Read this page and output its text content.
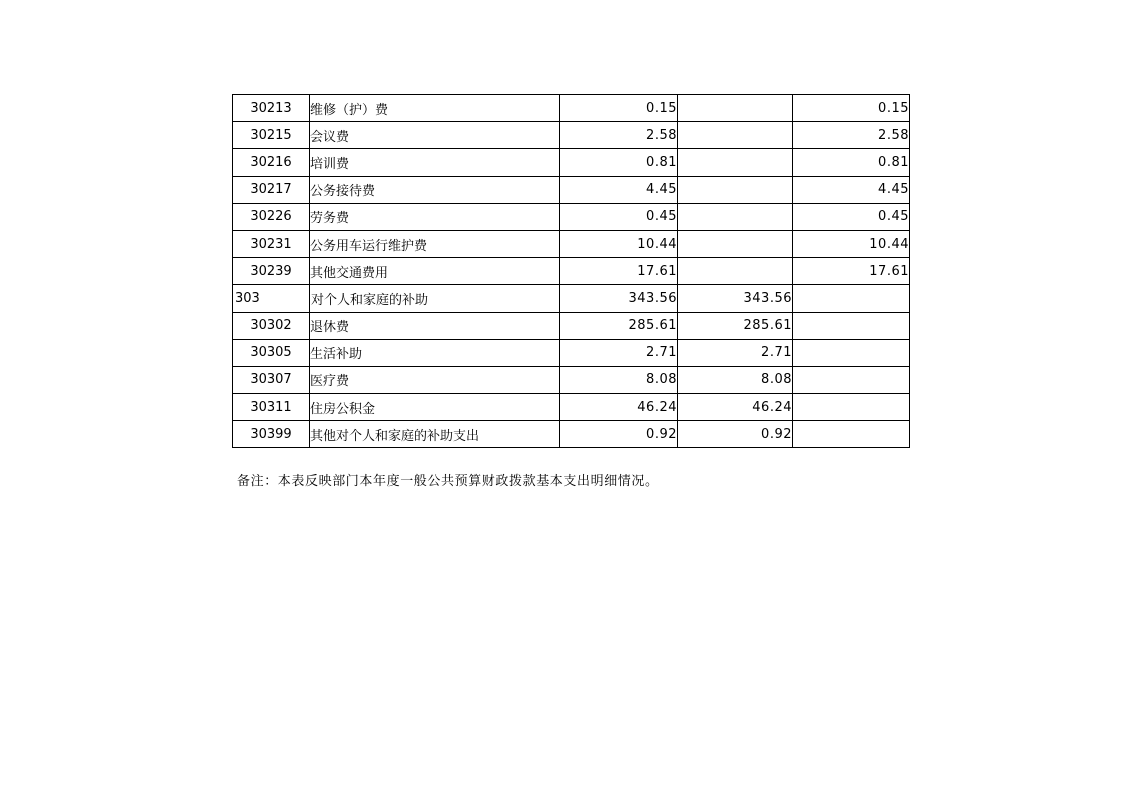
30213	维修（护）费	0.15		0.15
30215	会议费	2.58		2.58
30216	培训费	0.81		0.81
30217	公务接待费	4.45		4.45
30226	劳务费	0.45		0.45
30231	公务用车运行维护费	10.44		10.44
30239	其他交通费用	17.61		17.61
303	对个人和家庭的补助	343.56	343.56	
30302	退休费	285.61	285.61	
30305	生活补助	2.71	2.71	
30307	医疗费	8.08	8.08	
30311	住房公积金	46.24	46.24	
30399	其他对个人和家庭的补助支出	0.92	0.92	
备注：本表反映部门本年度一般公共预算财政拨款基本支出明细情况。
